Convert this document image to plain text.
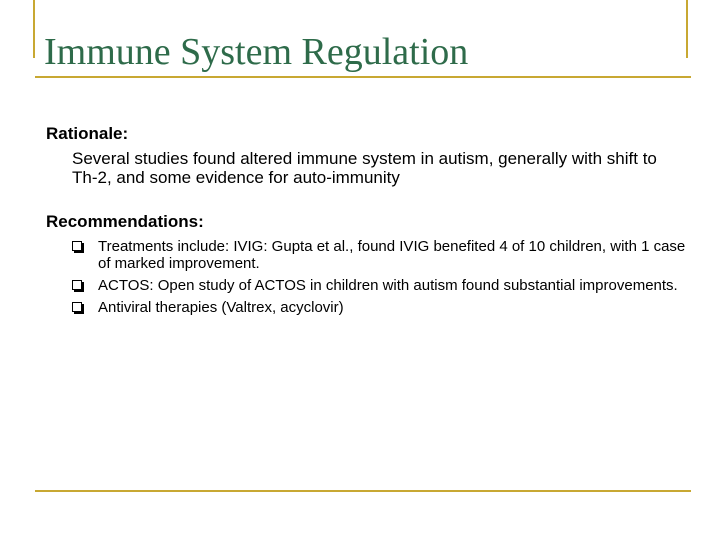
Immune System Regulation

Rationale:

Several studies found altered immune system in autism, generally with shift to Th-2, and some evidence for auto-immunity

Recommendations:

Treatments include: IVIG: Gupta et al., found IVIG benefited 4 of 10 children, with 1 case of marked improvement.
ACTOS: Open study of ACTOS in children with autism found substantial improvements.
Antiviral therapies (Valtrex, acyclovir)
